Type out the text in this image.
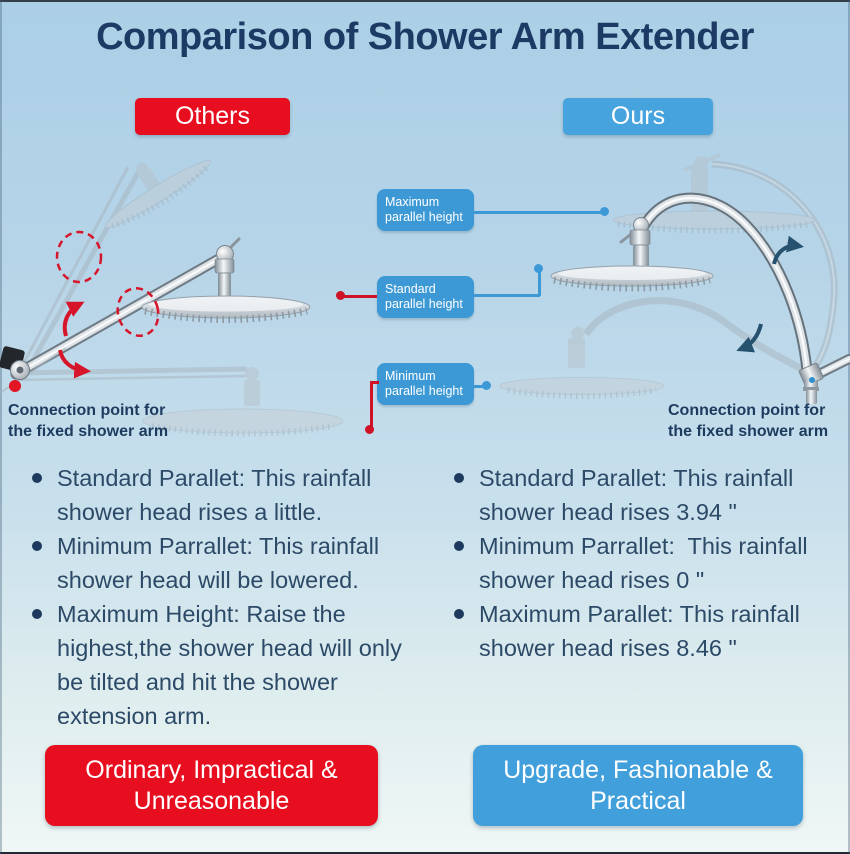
Comparison of Shower Arm Extender
Others	Ours
Maximum parallel height
Standard parallel height
Minimum parallel height
Connection point for the fixed shower arm
Connection point for the fixed shower arm
Standard Parallet: This rainfall shower head rises a little.
Minimum Parrallet: This rainfall shower head will be lowered.
Maximum Height: Raise the highest,the shower head will only be tilted and hit the shower extension arm.
Standard Parallet: This rainfall shower head rises 3.94 "
Minimum Parrallet:  This rainfall shower head rises 0 "
Maximum Parallet: This rainfall shower head rises 8.46 "
Ordinary, Impractical & Unreasonable
Upgrade, Fashionable & Practical
